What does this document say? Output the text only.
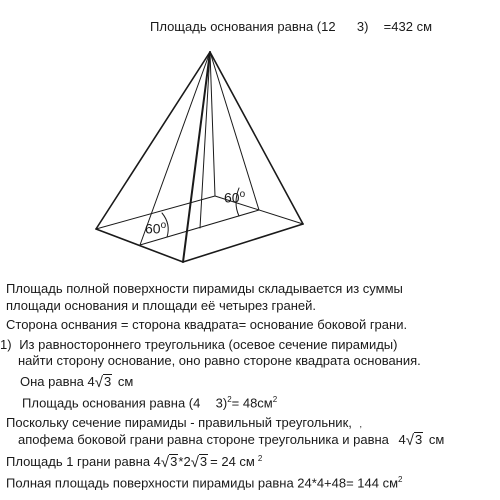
Площадь основания равна (12 3) =432 см
60$^o$
60$^o$
Площадь полной поверхности пирамиды складывается из суммы
площади основания и площади её четырез граней.
Сторона оснвания = сторона квадрата= основание боковой грани.
1) Из равностороннего треугольника (осевое сечение пирамиды)
найти сторону основание, оно равно стороне квадрата основания.
Она равна 4√3 см
Площадь основания равна (4 $3)^2= 48см^2$
Поскольку сечение пирамиды - правильный треугольник, ,
апофема боковой грани равна стороне треугольника и равна 4√3 см
Площадь 1 грани равна 4√3*2√3 = 24 см $^2$
Полная площадь поверхности пирамиды равна 24*4+48= 144 $см^2$
